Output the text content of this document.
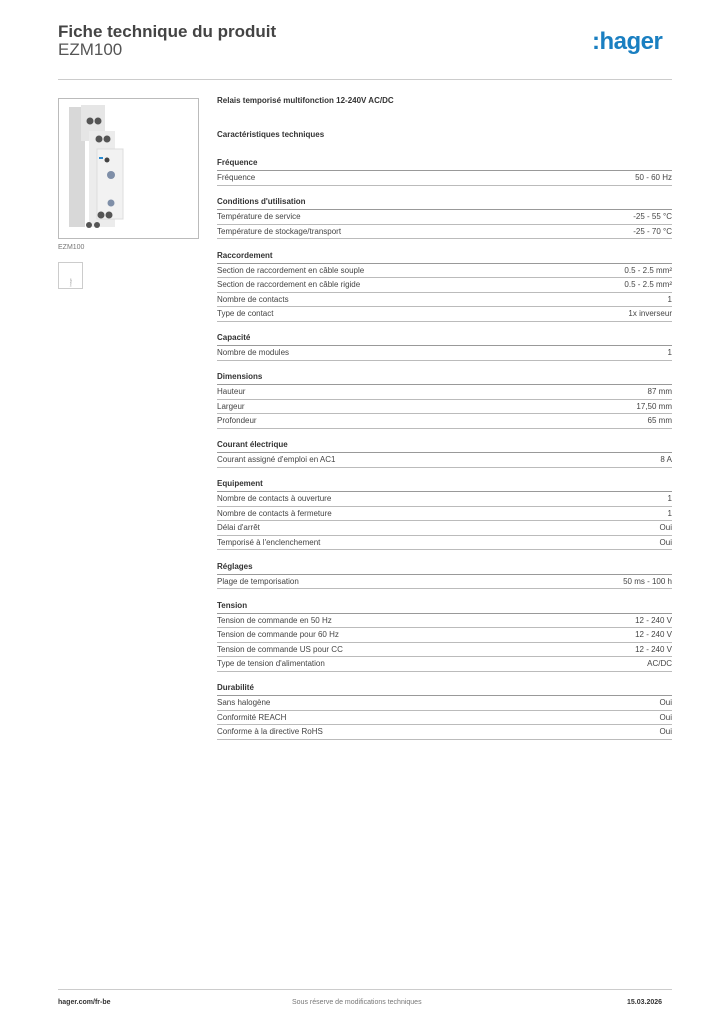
Fiche technique du produit
EZM100	:hager
EZM100
image
Relais temporisé multifonction 12-240V AC/DC
Caractéristiques techniques
Fréquence
Fréquence	50 - 60 Hz
Conditions d'utilisation
Température de service	-25 - 55 °C
Température de stockage/transport	-25 - 70 °C
Raccordement
Section de raccordement en câble souple	0.5 - 2.5 mm²
Section de raccordement en câble rigide	0.5 - 2.5 mm²
Nombre de contacts	1
Type de contact	1x inverseur
Capacité
Nombre de modules	1
Dimensions
Hauteur	87 mm
Largeur	17,50 mm
Profondeur	65 mm
Courant électrique
Courant assigné d'emploi en AC1	8 A
Equipement
Nombre de contacts à ouverture	1
Nombre de contacts à fermeture	1
Délai d'arrêt	Oui
Temporisé à l'enclenchement	Oui
Réglages
Plage de temporisation	50 ms - 100 h
Tension
Tension de commande en 50 Hz	12 - 240 V
Tension de commande pour 60 Hz	12 - 240 V
Tension de commande US pour CC	12 - 240 V
Type de tension d'alimentation	AC/DC
Durabilité
Sans halogène	Oui
Conformité REACH	Oui
Conforme à la directive RoHS	Oui
hager.com/fr-be	Sous réserve de modifications techniques	15.03.2026
